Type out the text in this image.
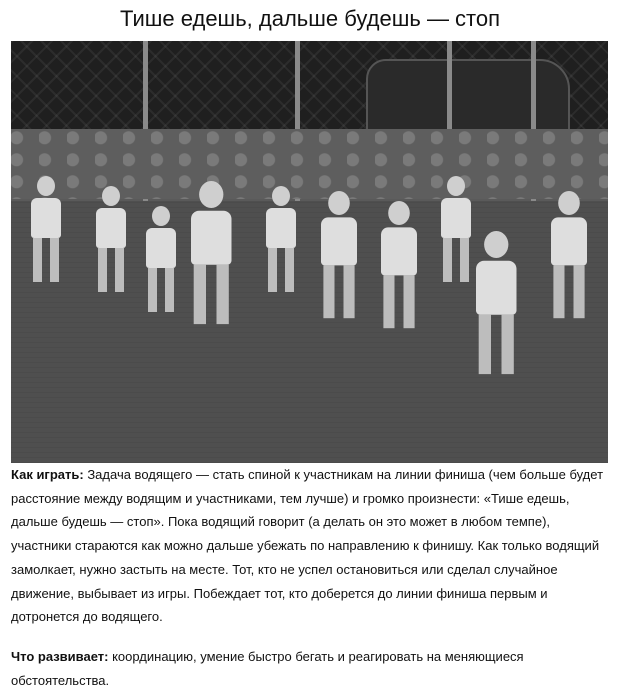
Тише едешь, дальше будешь — стоп

Как играть: Задача водящего — стать спиной к участникам на линии финиша (чем больше будет расстояние между водящим и участниками, тем лучше) и громко произнести: «Тише едешь, дальше будешь — стоп». Пока водящий говорит (а делать он это может в любом темпе), участники стараются как можно дальше убежать по направлению к финишу. Как только водящий замолкает, нужно застыть на месте. Тот, кто не успел остановиться или сделал случайное движение, выбывает из игры. Побеждает тот, кто доберется до линии финиша первым и дотронется до водящего.

Что развивает: координацию, умение быстро бегать и реагировать на меняющиеся обстоятельства.
